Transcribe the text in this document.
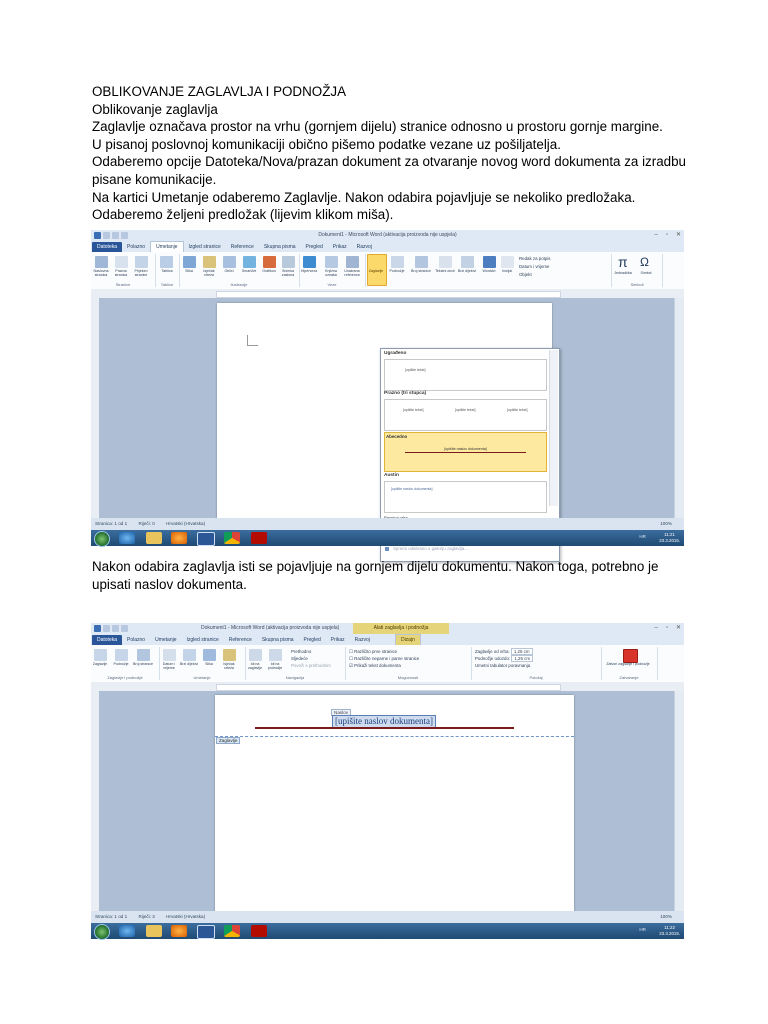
OBLIKOVANJE ZAGLAVLJA I PODNOŽJA

Oblikovanje zaglavlja

Zaglavlje označava prostor na vrhu (gornjem dijelu) stranice odnosno u prostoru gornje margine.

U pisanoj poslovnoj komunikaciji obično pišemo podatke vezane uz pošiljatelja.

Odaberemo opcije Datoteka/Nova/prazan dokument za otvaranje novog word dokumenta za izradbu

pisane komunikacije.

Na kartici Umetanje odaberemo Zaglavlje. Nakon odabira pojavljuje se nekoliko predložaka.

Odaberemo željeni predložak (lijevim klikom miša).

Dokument1 - Microsoft Word (aktivacija proizvoda nije uspjela)	– ▫ ✕
Datoteka	Polazno	Umetanje	Izgled stranice	Reference	Skupna pisma	Pregled	Prikaz	Razvoj
Naslovna stranica
Prazna stranica
Prijelom stranice
Stranice
Tablica
Tablice
Slika	Isječak crteža
Oblici	SmartArt	Grafikon	Snimka zaslona
Ilustracije
Hiperveza	Knjižna oznaka
Unakrsna referenca
Veze
Zaglavlje	Podnožje	Broj stranice Tekstni okvir Brzi dijelovi	WordArt	Inicijal
Redak za potpis
Datum i vrijeme
Objekt
π Ω
Jednadžba	Simbol
Simboli
Ugrađeno
[upišite tekst]
Prazno (tri stupca)
[upišite tekst]	[upišite tekst]	[upišite tekst]
Abecedno
[upišite naslov dokumenta]
Austin
[upišite naslov dokumenta]
Spremi odabrano u galeriju zaglavlja...
Stranica: 1 od 1 Riječi: 0 Hrvatski (Hrvatska)	100%
HR	11:21
23.3.2015.

Nakon odabira zaglavlja isti se pojavljuje na gornjem dijelu dokumentu. Nakon toga, potrebno je

upisati naslov dokumenta.

Dokument1 - Microsoft Word (aktivacija proizvoda nije uspjela)	Alati zaglavlja i podnožja	– ▫ ✕
Datoteka	Polazno	Umetanje	Izgled stranice	Reference	Skupna pisma	Pregled	Prikaz	Razvoj	Dizajn
Zaglavlje	Podnožje	Broj stranice
Zaglavlje i podnožje
Datum i vrijeme
Brzi dijelovi	Slika	Isječak crteža
Umetanje
Idi na zaglavlje
Idi na podnožje
Prethodno
Sljedeće
Poveži s prethodnim
Navigacija
☐ Različito prve stranice
☐ Različite neparne i parne stranice
☑ Prikaži tekst dokumenta
Mogućnosti
Zaglavlje od vrha: 1,25 cm
Podnožje odozdo: 1,25 cm
Umetni tabulator poravnanja
Položaj
Zatvori zaglavlje i podnožje
Zatvaranje
Naslov
[upišite naslov dokumenta]
Zaglavlje
Stranica: 1 od 1 Riječi: 3 Hrvatski (Hrvatska)	100%
HR	11:22
23.3.2015.
